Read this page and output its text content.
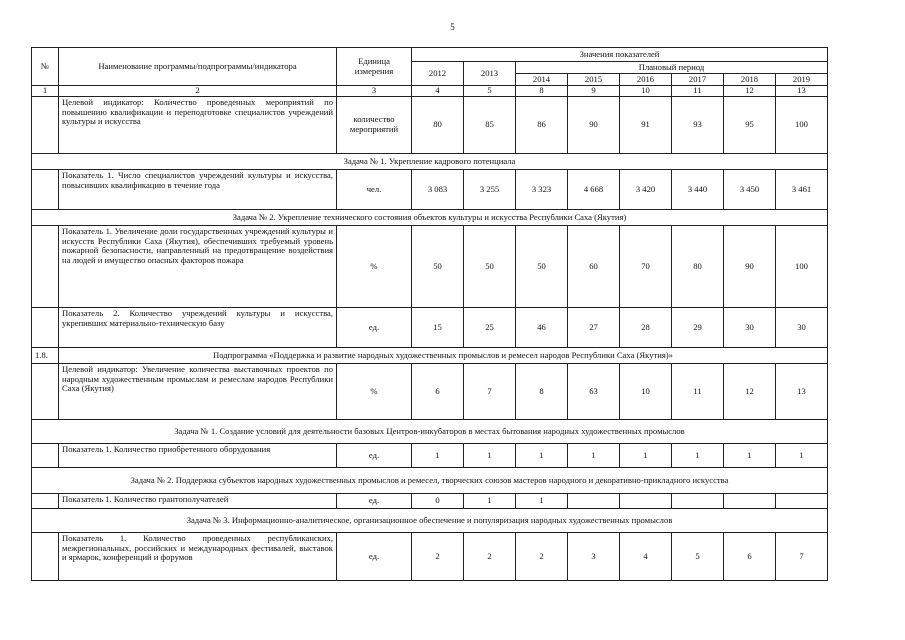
5
№	Наименование программы/подпрограммы/индикатора	Единица измерения	Значения показателей							
			2012	2013	Плановый период					
					2014	2015	2016	2017	2018	2019
1	2	3	4	5	8	9	10	11	12	13
	Целевой индикатор: Количество проведенных мероприятий по повышению квалификации и переподготовке специалистов учреждений культуры и искусства	количество мероприятий	80	85	86	90	91	93	95	100
Задача № 1. Укрепление кадрового потенциала										
	Показатель 1. Число специалистов учреждений культуры и искусства, повысивших квалификацию в течение года	чел.	3 083	3 255	3 323	4 668	3 420	3 440	3 450	3 461
Задача № 2. Укрепление технического состояния объектов культуры и искусства Республики Саха (Якутия)										
	Показатель 1. Увеличение доли государственных учреждений культуры и искусств Республики Саха (Якутия), обеспечивших требуемый уровень пожарной безопасности, направленный на предотвращение воздействия на людей и имущество опасных факторов пожара	%	50	50	50	60	70	80	90	100
	Показатель 2. Количество учреждений культуры и искусства, укрепивших материально-техническую базу	ед.	15	25	46	27	28	29	30	30
1.8.	Подпрограмма «Поддержка и развитие народных художественных промыслов и ремесел народов Республики Саха (Якутия)»									
	Целевой индикатор: Увеличение количества выставочных проектов по народным художественным промыслам и ремеслам народов Республики Саха (Якутия)	%	6	7	8	63	10	11	12	13
Задача № 1. Создание условий для деятельности базовых Центров-инкубаторов в местах бытования народных художественных промыслов										
	Показатель 1. Количество приобретенного оборудования	ед.	1	1	1	1	1	1	1	1
Задача № 2. Поддержка субъектов народных художественных промыслов и ремесел, творческих союзов мастеров народного и декоративно-прикладного искусства										
	Показатель 1. Количество грантополучателей	ед.	0	1	1					
Задача № 3. Информационно-аналитическое, организационное обеспечение и популяризация народных художественных промыслов										
	Показатель 1. Количество проведенных республиканских, межрегиональных, российских и международных фестивалей, выставок и ярмарок, конференций и форумов	ед.	2	2	2	3	4	5	6	7
